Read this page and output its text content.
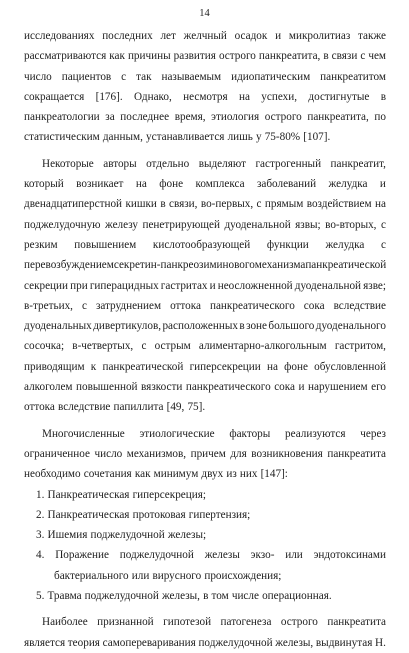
14
исследованиях последних лет желчный осадок и микролитиаз также
рассматриваются как причины развития острого панкреатита, в связи с чем
число пациентов с так называемым идиопатическим панкреатитом
сокращается [176]. Однако, несмотря на успехи, достигнутые в
панкреатологии за последнее время, этиология острого панкреатита, по
статистическим данным, устанавливается лишь у 75-80% [107].
Некоторые авторы отдельно выделяют гастрогенный панкреатит,
который возникает на фоне комплекса заболеваний желудка и
двенадцатиперстной кишки в связи, во-первых, с прямым воздействием на
поджелудочную железу пенетрирующей дуоденальной язвы; во-вторых, с
резким повышением кислотообразующей функции желудка с
перевозбуждением секретин-панкреозиминового механизма панкреатической
секреции при гиперацидных гастритах и неосложненной дуоденальной язве;
в-третьих, с затруднением оттока панкреатического сока вследствие
дуоденальных дивертикулов, расположенных в зоне большого дуоденального
сосочка; в-четвертых, с острым алиментарно-алкогольным гастритом,
приводящим к панкреатической гиперсекреции на фоне обусловленной
алкоголем повышенной вязкости панкреатического сока и нарушением его
оттока вследствие папиллита [49, 75].
Многочисленные этиологические факторы реализуются через
ограниченное число механизмов, причем для возникновения панкреатита
необходимо сочетания как минимум двух из них [147]:
1. Панкреатическая гиперсекреция;
2. Панкреатическая протоковая гипертензия;
3. Ишемия поджелудочной железы;
4. Поражение поджелудочной железы экзо- или эндотоксинами
бактериального или вирусного происхождения;
5. Травма поджелудочной железы, в том числе операционная.
Наиболее признанной гипотезой патогенеза острого панкреатита
является теория самопереваривания поджелудочной железы, выдвинутая Н.
